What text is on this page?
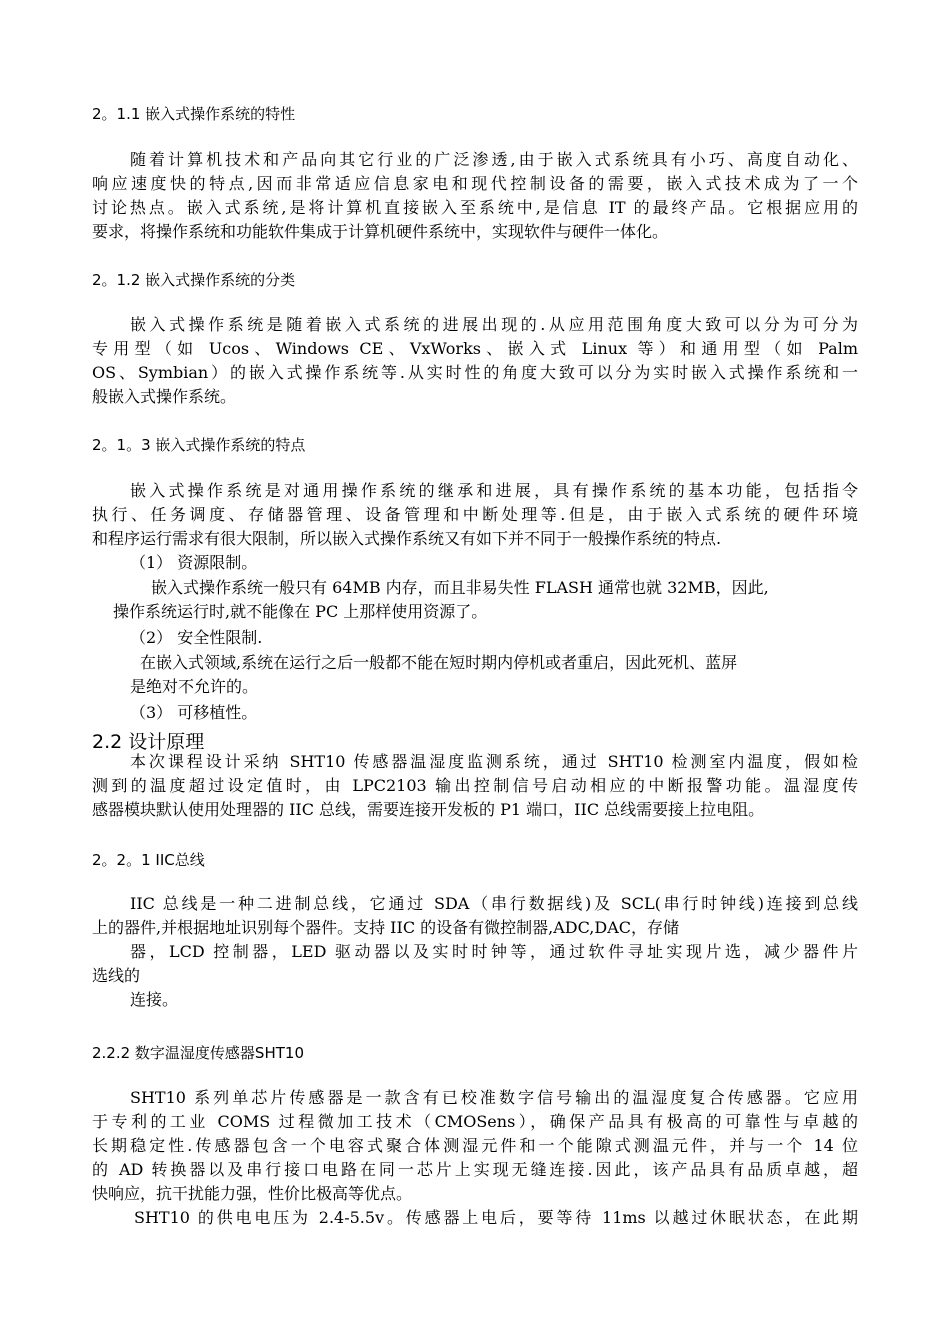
2。1.1 嵌入式操作系统的特性
随着计算机技术和产品向其它行业的广泛渗透,由于嵌入式系统具有小巧、高度自动化、
响应速度快的特点,因而非常适应信息家电和现代控制设备的需要，嵌入式技术成为了一个
讨论热点。嵌入式系统,是将计算机直接嵌入至系统中,是信息 IT 的最终产品。它根据应用的
要求，将操作系统和功能软件集成于计算机硬件系统中，实现软件与硬件一体化。
2。1.2 嵌入式操作系统的分类
嵌入式操作系统是随着嵌入式系统的进展出现的.从应用范围角度大致可以分为可分为
专用型（如 Ucos、Windows CE、VxWorks、嵌入式 Linux 等）和通用型（如 Palm
OS、Symbian）的嵌入式操作系统等.从实时性的角度大致可以分为实时嵌入式操作系统和一
般嵌入式操作系统。
2。1。3 嵌入式操作系统的特点
嵌入式操作系统是对通用操作系统的继承和进展，具有操作系统的基本功能，包括指令
执行、任务调度、存储器管理、设备管理和中断处理等.但是，由于嵌入式系统的硬件环境
和程序运行需求有很大限制，所以嵌入式操作系统又有如下并不同于一般操作系统的特点.
（1） 资源限制。
嵌入式操作系统一般只有 64MB 内存，而且非易失性 FLASH 通常也就 32MB，因此,
操作系统运行时,就不能像在 PC 上那样使用资源了。
（2） 安全性限制.
在嵌入式领域,系统在运行之后一般都不能在短时期内停机或者重启，因此死机、蓝屏
是绝对不允许的。
（3） 可移植性。
2.2 设计原理
本次课程设计采纳 SHT10 传感器温湿度监测系统，通过 SHT10 检测室内温度，假如检
测到的温度超过设定值时，由 LPC2103 输出控制信号启动相应的中断报警功能。温湿度传
感器模块默认使用处理器的 IIC 总线，需要连接开发板的 P1 端口，IIC 总线需要接上拉电阻。
2。2。1 IIC总线
IIC 总线是一种二进制总线，它通过 SDA（串行数据线)及 SCL(串行时钟线)连接到总线
上的器件,并根据地址识别每个器件。支持 IIC 的设备有微控制器,ADC,DAC，存储
器，LCD 控制器，LED 驱动器以及实时时钟等，通过软件寻址实现片选，减少器件片
选线的
连接。
2.2.2 数字温湿度传感器SHT10
SHT10 系列单芯片传感器是一款含有已校准数字信号输出的温湿度复合传感器。它应用
于专利的工业 COMS 过程微加工技术（CMOSens），确保产品具有极高的可靠性与卓越的
长期稳定性.传感器包含一个电容式聚合体测湿元件和一个能隙式测温元件，并与一个 14 位
的 AD 转换器以及串行接口电路在同一芯片上实现无缝连接.因此，该产品具有品质卓越，超
快响应，抗干扰能力强，性价比极高等优点。
SHT10 的供电电压为 2.4-5.5v。传感器上电后，要等待 11ms 以越过休眠状态，在此期
